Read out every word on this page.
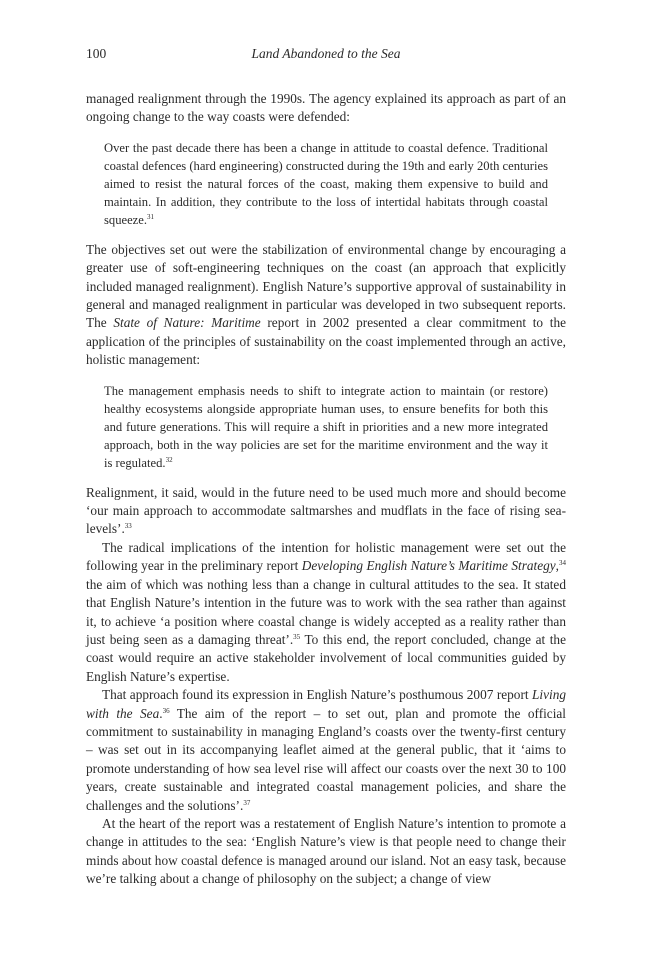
100	Land Abandoned to the Sea

managed realignment through the 1990s. The agency explained its approach as part of an ongoing change to the way coasts were defended:

Over the past decade there has been a change in attitude to coastal defence. Traditional coastal defences (hard engineering) constructed during the 19th and early 20th centuries aimed to resist the natural forces of the coast, making them expensive to build and maintain. In addition, they contribute to the loss of intertidal habitats through coastal squeeze.$^{31}$

The objectives set out were the stabilization of environmental change by encouraging a greater use of soft-engineering techniques on the coast (an approach that explicitly included managed realignment). English Nature’s supportive approval of sustainability in general and managed realignment in particular was developed in two subsequent reports. The State of Nature: Maritime report in 2002 presented a clear commitment to the application of the principles of sustainability on the coast implemented through an active, holistic management:

The management emphasis needs to shift to integrate action to maintain (or restore) healthy ecosystems alongside appropriate human uses, to ensure benefits for both this and future generations. This will require a shift in priorities and a new more integrated approach, both in the way policies are set for the maritime environment and the way it is regulated.$^{32}$

Realignment, it said, would in the future need to be used much more and should become ‘our main approach to accommodate saltmarshes and mudflats in the face of rising sea-levels’.$^{33}$

The radical implications of the intention for holistic management were set out the following year in the preliminary report Developing English Nature’s Maritime Strategy,$^{34}$ the aim of which was nothing less than a change in cultural attitudes to the sea. It stated that English Nature’s intention in the future was to work with the sea rather than against it, to achieve ‘a position where coastal change is widely accepted as a reality rather than just being seen as a damaging threat’.$^{35}$ To this end, the report concluded, change at the coast would require an active stakeholder involvement of local communities guided by English Nature’s expertise.

That approach found its expression in English Nature’s posthumous 2007 report Living with the Sea.$^{36}$ The aim of the report – to set out, plan and promote the official commitment to sustainability in managing England’s coasts over the twenty-first century – was set out in its accompanying leaflet aimed at the general public, that it ‘aims to promote understanding of how sea level rise will affect our coasts over the next 30 to 100 years, create sustainable and integrated coastal management policies, and share the challenges and the solutions’.$^{37}$

At the heart of the report was a restatement of English Nature’s intention to promote a change in attitudes to the sea: ‘English Nature’s view is that people need to change their minds about how coastal defence is managed around our island. Not an easy task, because we’re talking about a change of philosophy on the subject; a change of view
